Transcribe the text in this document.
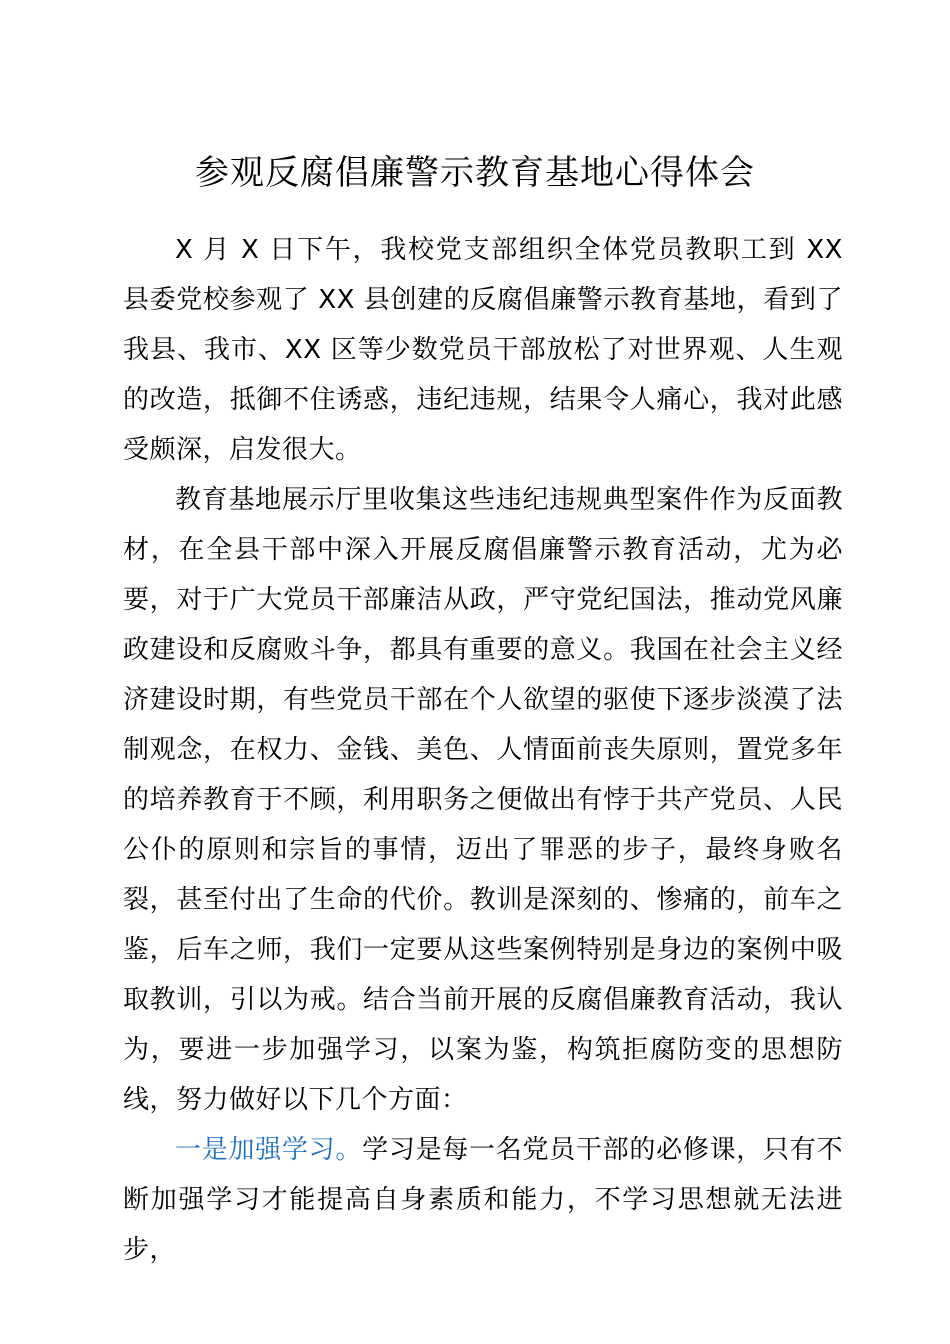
参观反腐倡廉警示教育基地心得体会

X 月 X 日下午，我校党支部组织全体党员教职工到 XX 县委党校参观了 XX 县创建的反腐倡廉警示教育基地，看到了我县、我市、XX 区等少数党员干部放松了对世界观、人生观的改造，抵御不住诱惑，违纪违规，结果令人痛心，我对此感受颇深，启发很大。

教育基地展示厅里收集这些违纪违规典型案件作为反面教材，在全县干部中深入开展反腐倡廉警示教育活动，尤为必要，对于广大党员干部廉洁从政，严守党纪国法，推动党风廉政建设和反腐败斗争，都具有重要的意义。我国在社会主义经济建设时期，有些党员干部在个人欲望的驱使下逐步淡漠了法制观念，在权力、金钱、美色、人情面前丧失原则，置党多年的培养教育于不顾，利用职务之便做出有悖于共产党员、人民公仆的原则和宗旨的事情，迈出了罪恶的步子，最终身败名裂，甚至付出了生命的代价。教训是深刻的、惨痛的，前车之鉴，后车之师，我们一定要从这些案例特别是身边的案例中吸取教训，引以为戒。结合当前开展的反腐倡廉教育活动，我认为，要进一步加强学习，以案为鉴，构筑拒腐防变的思想防线，努力做好以下几个方面：

一是加强学习。学习是每一名党员干部的必修课，只有不断加强学习才能提高自身素质和能力，不学习思想就无法进步，
